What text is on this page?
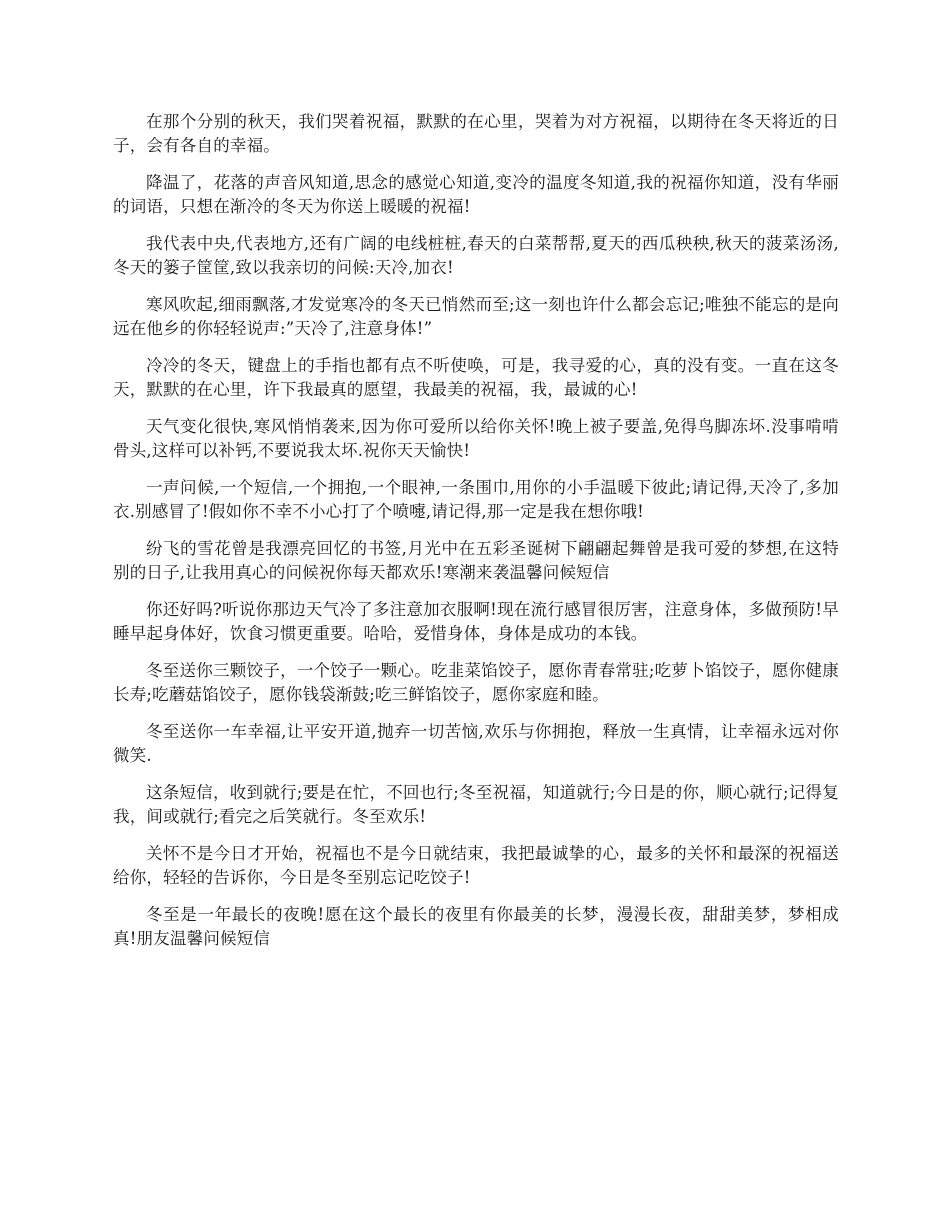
在那个分别的秋天，我们哭着祝福，默默的在心里，哭着为对方祝福，以期待在冬天将近的日子，会有各自的幸福。

降温了，花落的声音风知道,思念的感觉心知道,变冷的温度冬知道,我的祝福你知道，没有华丽的词语，只想在渐冷的冬天为你送上暖暖的祝福!

我代表中央,代表地方,还有广阔的电线桩桩,春天的白菜帮帮,夏天的西瓜秧秧,秋天的菠菜汤汤,冬天的篓子筐筐,致以我亲切的问候:天冷,加衣!

寒风吹起,细雨飘落,才发觉寒冷的冬天已悄然而至;这一刻也许什么都会忘记;唯独不能忘的是向远在他乡的你轻轻说声:”天冷了,注意身体!”

冷冷的冬天，键盘上的手指也都有点不听使唤，可是，我寻爱的心，真的没有变。一直在这冬天，默默的在心里，许下我最真的愿望，我最美的祝福，我，最诚的心!

天气变化很快,寒风悄悄袭来,因为你可爱所以给你关怀!晚上被子要盖,免得鸟脚冻坏.没事啃啃骨头,这样可以补钙,不要说我太坏.祝你天天愉快!

一声问候,一个短信,一个拥抱,一个眼神,一条围巾,用你的小手温暖下彼此;请记得,天冷了,多加衣.别感冒了!假如你不幸不小心打了个喷嚏,请记得,那一定是我在想你哦!

纷飞的雪花曾是我漂亮回忆的书签,月光中在五彩圣诞树下翩翩起舞曾是我可爱的梦想,在这特别的日子,让我用真心的问候祝你每天都欢乐!寒潮来袭温馨问候短信

你还好吗?听说你那边天气冷了多注意加衣服啊!现在流行感冒很厉害，注意身体，多做预防!早睡早起身体好，饮食习惯更重要。哈哈，爱惜身体，身体是成功的本钱。

冬至送你三颗饺子，一个饺子一颗心。吃韭菜馅饺子，愿你青春常驻;吃萝卜馅饺子，愿你健康长寿;吃蘑菇馅饺子，愿你钱袋渐鼓;吃三鲜馅饺子，愿你家庭和睦。

冬至送你一车幸福,让平安开道,抛弃一切苦恼,欢乐与你拥抱，释放一生真情，让幸福永远对你微笑.

这条短信，收到就行;要是在忙，不回也行;冬至祝福，知道就行;今日是的你，顺心就行;记得复我，间或就行;看完之后笑就行。冬至欢乐!

关怀不是今日才开始，祝福也不是今日就结束，我把最诚挚的心，最多的关怀和最深的祝福送给你，轻轻的告诉你，今日是冬至别忘记吃饺子!

冬至是一年最长的夜晚!愿在这个最长的夜里有你最美的长梦，漫漫长夜，甜甜美梦，梦相成真!朋友温馨问候短信
